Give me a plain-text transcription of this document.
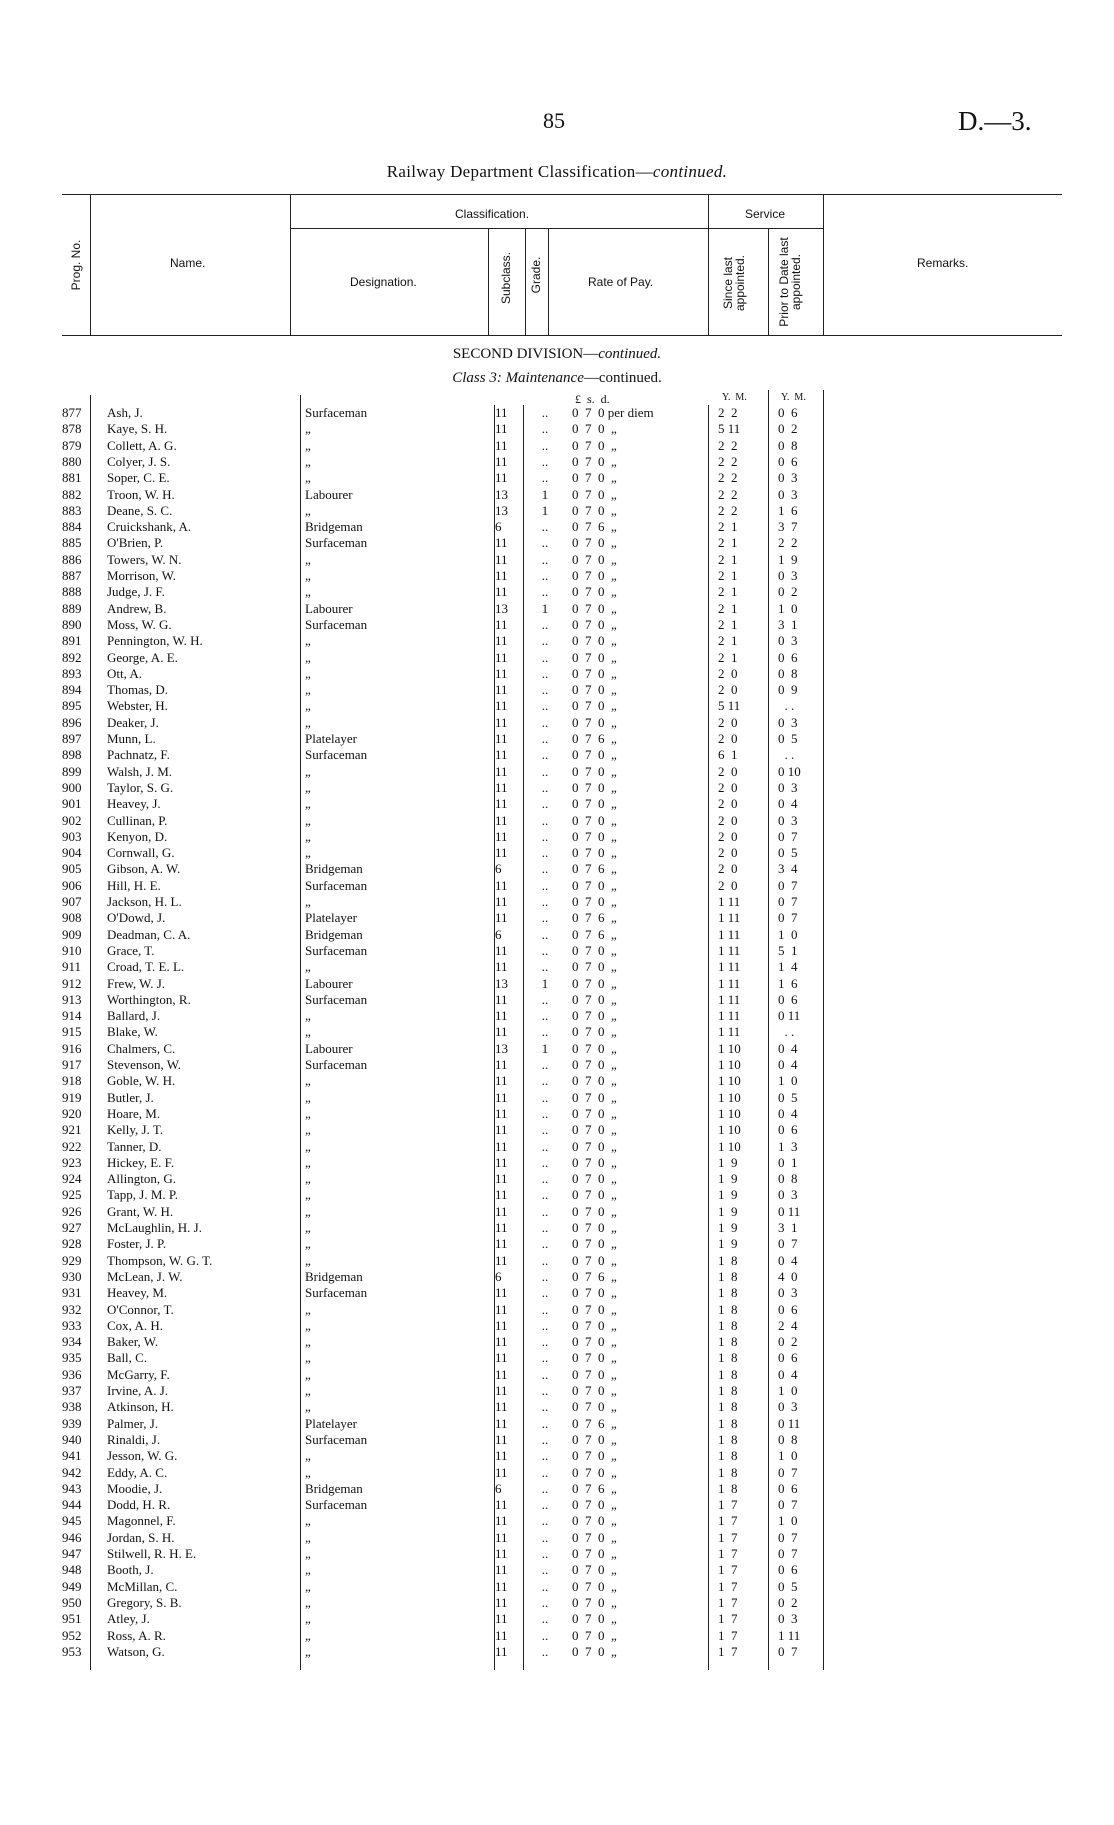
85	D.—3.
Railway Department Classification—continued.
Prog. No.	Name.
Classification.
Designation.	Subclass. Grade.	Rate of Pay.
Service
Since last appointed.	Prior to Date last appointed.	Remarks.
SECOND DIVISION—continued.
Class 3: Maintenance—continued.
£  s.  d.	Y.  M.	Y.  M.
877	Ash, J.	Surfaceman	11	..	0  7  0 per diem	2  2	0  6
878	Kaye, S. H.	„	11	..	0  7  0  „	5 11	0  2
879	Collett, A. G.	„	11	..	0  7  0  „	2  2	0  8
880	Colyer, J. S.	„	11	..	0  7  0  „	2  2	0  6
881	Soper, C. E.	„	11	..	0  7  0  „	2  2	0  3
882	Troon, W. H.	Labourer	13	1	0  7  0  „	2  2	0  3
883	Deane, S. C.	„	13	1	0  7  0  „	2  2	1  6
884	Cruickshank, A.	Bridgeman	6	..	0  7  6  „	2  1	3  7
885	O'Brien, P.	Surfaceman	11	..	0  7  0  „	2  1	2  2
886	Towers, W. N.	„	11	..	0  7  0  „	2  1	1  9
887	Morrison, W.	„	11	..	0  7  0  „	2  1	0  3
888	Judge, J. F.	„	11	..	0  7  0  „	2  1	0  2
889	Andrew, B.	Labourer	13	1	0  7  0  „	2  1	1  0
890	Moss, W. G.	Surfaceman	11	..	0  7  0  „	2  1	3  1
891	Pennington, W. H.	„	11	..	0  7  0  „	2  1	0  3
892	George, A. E.	„	11	..	0  7  0  „	2  1	0  6
893	Ott, A.	„	11	..	0  7  0  „	2  0	0  8
894	Thomas, D.	„	11	..	0  7  0  „	2  0	0  9
895	Webster, H.	„	11	..	0  7  0  „	5 11	. .
896	Deaker, J.	„	11	..	0  7  0  „	2  0	0  3
897	Munn, L.	Platelayer	11	..	0  7  6  „	2  0	0  5
898	Pachnatz, F.	Surfaceman	11	..	0  7  0  „	6  1	. .
899	Walsh, J. M.	„	11	..	0  7  0  „	2  0	0 10
900	Taylor, S. G.	„	11	..	0  7  0  „	2  0	0  3
901	Heavey, J.	„	11	..	0  7  0  „	2  0	0  4
902	Cullinan, P.	„	11	..	0  7  0  „	2  0	0  3
903	Kenyon, D.	„	11	..	0  7  0  „	2  0	0  7
904	Cornwall, G.	„	11	..	0  7  0  „	2  0	0  5
905	Gibson, A. W.	Bridgeman	6	..	0  7  6  „	2  0	3  4
906	Hill, H. E.	Surfaceman	11	..	0  7  0  „	2  0	0  7
907	Jackson, H. L.	„	11	..	0  7  0  „	1 11	0  7
908	O'Dowd, J.	Platelayer	11	..	0  7  6  „	1 11	0  7
909	Deadman, C. A.	Bridgeman	6	..	0  7  6  „	1 11	1  0
910	Grace, T.	Surfaceman	11	..	0  7  0  „	1 11	5  1
911	Croad, T. E. L.	„	11	..	0  7  0  „	1 11	1  4
912	Frew, W. J.	Labourer	13	1	0  7  0  „	1 11	1  6
913	Worthington, R.	Surfaceman	11	..	0  7  0  „	1 11	0  6
914	Ballard, J.	„	11	..	0  7  0  „	1 11	0 11
915	Blake, W.	„	11	..	0  7  0  „	1 11	. .
916	Chalmers, C.	Labourer	13	1	0  7  0  „	1 10	0  4
917	Stevenson, W.	Surfaceman	11	..	0  7  0  „	1 10	0  4
918	Goble, W. H.	„	11	..	0  7  0  „	1 10	1  0
919	Butler, J.	„	11	..	0  7  0  „	1 10	0  5
920	Hoare, M.	„	11	..	0  7  0  „	1 10	0  4
921	Kelly, J. T.	„	11	..	0  7  0  „	1 10	0  6
922	Tanner, D.	„	11	..	0  7  0  „	1 10	1  3
923	Hickey, E. F.	„	11	..	0  7  0  „	1  9	0  1
924	Allington, G.	„	11	..	0  7  0  „	1  9	0  8
925	Tapp, J. M. P.	„	11	..	0  7  0  „	1  9	0  3
926	Grant, W. H.	„	11	..	0  7  0  „	1  9	0 11
927	McLaughlin, H. J.	„	11	..	0  7  0  „	1  9	3  1
928	Foster, J. P.	„	11	..	0  7  0  „	1  9	0  7
929	Thompson, W. G. T.	„	11	..	0  7  0  „	1  8	0  4
930	McLean, J. W.	Bridgeman	6	..	0  7  6  „	1  8	4  0
931	Heavey, M.	Surfaceman	11	..	0  7  0  „	1  8	0  3
932	O'Connor, T.	„	11	..	0  7  0  „	1  8	0  6
933	Cox, A. H.	„	11	..	0  7  0  „	1  8	2  4
934	Baker, W.	„	11	..	0  7  0  „	1  8	0  2
935	Ball, C.	„	11	..	0  7  0  „	1  8	0  6
936	McGarry, F.	„	11	..	0  7  0  „	1  8	0  4
937	Irvine, A. J.	„	11	..	0  7  0  „	1  8	1  0
938	Atkinson, H.	„	11	..	0  7  0  „	1  8	0  3
939	Palmer, J.	Platelayer	11	..	0  7  6  „	1  8	0 11
940	Rinaldi, J.	Surfaceman	11	..	0  7  0  „	1  8	0  8
941	Jesson, W. G.	„	11	..	0  7  0  „	1  8	1  0
942	Eddy, A. C.	„	11	..	0  7  0  „	1  8	0  7
943	Moodie, J.	Bridgeman	6	..	0  7  6  „	1  8	0  6
944	Dodd, H. R.	Surfaceman	11	..	0  7  0  „	1  7	0  7
945	Magonnel, F.	„	11	..	0  7  0  „	1  7	1  0
946	Jordan, S. H.	„	11	..	0  7  0  „	1  7	0  7
947	Stilwell, R. H. E.	„	11	..	0  7  0  „	1  7	0  7
948	Booth, J.	„	11	..	0  7  0  „	1  7	0  6
949	McMillan, C.	„	11	..	0  7  0  „	1  7	0  5
950	Gregory, S. B.	„	11	..	0  7  0  „	1  7	0  2
951	Atley, J.	„	11	..	0  7  0  „	1  7	0  3
952	Ross, A. R.	„	11	..	0  7  0  „	1  7	1 11
953	Watson, G.	„	11	..	0  7  0  „	1  7	0  7
